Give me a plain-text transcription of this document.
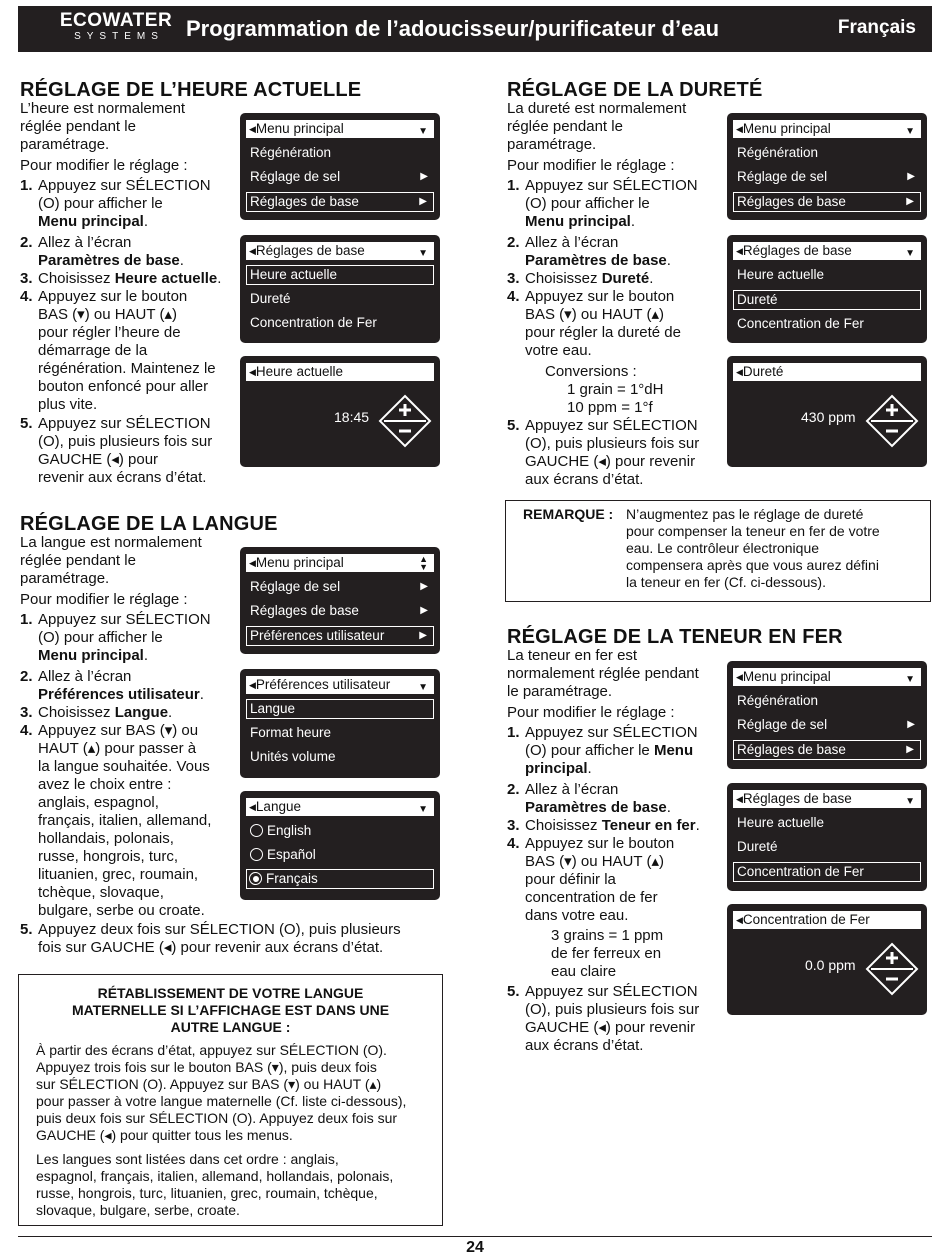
ECOWATER
SYSTEMS	Programmation de l’adoucisseur/purificateur d’eau	Français
RÉGLAGE DE L’HEURE ACTUELLE

L’heure est normalement

réglée pendant le

paramétrage.

Pour modifier le réglage :

1. Appuyez sur SÉLECTION

(O) pour afficher le

Menu principal.

2. Allez à l’écran

Paramètres de base.

3. Choisissez Heure actuelle.

4. Appuyez sur le bouton

BAS (▾) ou HAUT (▴)

pour régler l’heure de

démarrage de la

régénération. Maintenez le

bouton enfoncé pour aller

plus vite.

5. Appuyez sur SÉLECTION

(O), puis plusieurs fois sur

GAUCHE (◂) pour

revenir aux écrans d’état.

◀Menu principal	▼
Régénération
Réglage de sel	▶
Réglages de base	▶
◀Réglages de base	▼
Heure actuelle
Dureté
Concentration de Fer
◀Heure actuelle
18:45
RÉGLAGE DE LA LANGUE

La langue est normalement

réglée pendant le

paramétrage.

Pour modifier le réglage :

1. Appuyez sur SÉLECTION

(O) pour afficher le

Menu principal.

2. Allez à l’écran

Préférences utilisateur.

3. Choisissez Langue.

4. Appuyez sur BAS (▾) ou

HAUT (▴) pour passer à

la langue souhaitée. Vous

avez le choix entre :

anglais, espagnol,

français, italien, allemand,

hollandais, polonais,

russe, hongrois, turc,

lituanien, grec, roumain,

tchèque, slovaque,

bulgare, serbe ou croate.

5. Appuyez deux fois sur SÉLECTION (O), puis plusieurs

fois sur GAUCHE (◂) pour revenir aux écrans d’état.

◀Menu principal	▲
▼
Réglage de sel	▶
Réglages de base	▶
Préférences utilisateur	▶
◀Préférences utilisateur	▼
Langue
Format heure
Unités volume
◀Langue	▼
English
Español
Français
RÉTABLISSEMENT DE VOTRE LANGUE
MATERNELLE SI L’AFFICHAGE EST DANS UNE
AUTRE LANGUE :
À partir des écrans d’état, appuyez sur SÉLECTION (O).
Appuyez trois fois sur le bouton BAS (▾), puis deux fois
sur SÉLECTION (O). Appuyez sur BAS (▾) ou HAUT (▴)
pour passer à votre langue maternelle (Cf. liste ci-dessous),
puis deux fois sur SÉLECTION (O). Appuyez deux fois sur
GAUCHE (◂) pour quitter tous les menus.
Les langues sont listées dans cet ordre : anglais,
espagnol, français, italien, allemand, hollandais, polonais,
russe, hongrois, turc, lituanien, grec, roumain, tchèque,
slovaque, bulgare, serbe, croate.
RÉGLAGE DE LA DURETÉ

La dureté est normalement

réglée pendant le

paramétrage.

Pour modifier le réglage :

1. Appuyez sur SÉLECTION

(O) pour afficher le

Menu principal.

2. Allez à l’écran

Paramètres de base.

3. Choisissez Dureté.

4. Appuyez sur le bouton

BAS (▾) ou HAUT (▴)

pour régler la dureté de

votre eau.

Conversions :

1 grain = 1°dH

10 ppm = 1°f

5. Appuyez sur SÉLECTION

(O), puis plusieurs fois sur

GAUCHE (◂) pour revenir

aux écrans d’état.

◀Menu principal	▼
Régénération
Réglage de sel	▶
Réglages de base	▶
◀Réglages de base	▼
Heure actuelle
Dureté
Concentration de Fer
◀Dureté
430 ppm
REMARQUE : N’augmentez pas le réglage de dureté
pour compenser la teneur en fer de votre
eau. Le contrôleur électronique
compensera après que vous aurez défini
la teneur en fer (Cf. ci-dessous).
RÉGLAGE DE LA TENEUR EN FER

La teneur en fer est

normalement réglée pendant

le paramétrage.

Pour modifier le réglage :

1. Appuyez sur SÉLECTION

(O) pour afficher le Menu

principal.

2. Allez à l’écran

Paramètres de base.

3. Choisissez Teneur en fer.

4. Appuyez sur le bouton

BAS (▾) ou HAUT (▴)

pour définir la

concentration de fer

dans votre eau.

3 grains = 1 ppm

de fer ferreux en

eau claire

5. Appuyez sur SÉLECTION

(O), puis plusieurs fois sur

GAUCHE (◂) pour revenir

aux écrans d’état.

◀Menu principal	▼
Régénération
Réglage de sel	▶
Réglages de base	▶
◀Réglages de base	▼
Heure actuelle
Dureté
Concentration de Fer
◀Concentration de Fer
0.0 ppm
24
